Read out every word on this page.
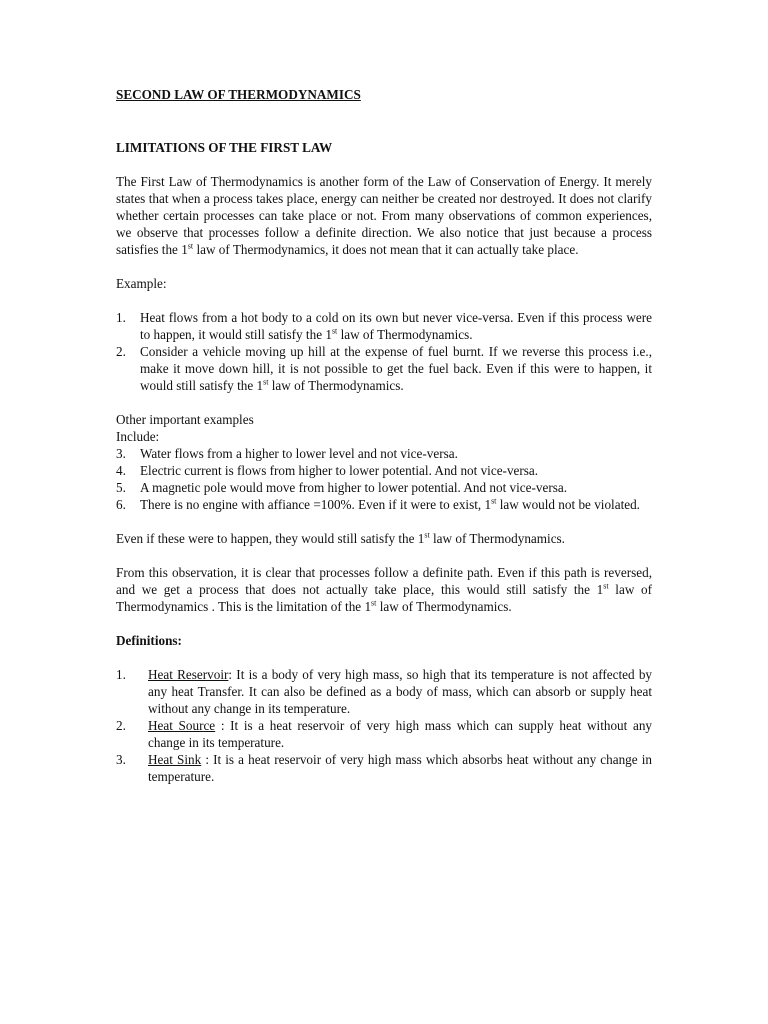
SECOND LAW OF THERMODYNAMICS

LIMITATIONS OF THE FIRST LAW

The First Law of Thermodynamics is another form of the Law of Conservation of Energy. It merely states that when a process takes place, energy can neither be created nor destroyed. It does not clarify whether certain processes can take place or not. From many observations of common experiences, we observe that processes follow a definite direction. We also notice that just because a process satisfies the 1st law of Thermodynamics, it does not mean that it can actually take place.

Example:

1. Heat flows from a hot body to a cold on its own but never vice-versa. Even if this process were to happen, it would still satisfy the 1st law of Thermodynamics.
2. Consider a vehicle moving up hill at the expense of fuel burnt. If we reverse this process i.e., make it move down hill, it is not possible to get the fuel back. Even if this were to happen, it would still satisfy the 1st law of Thermodynamics.

Other important examples

Include:

3. Water flows from a higher to lower level and not vice-versa.
4. Electric current is flows from higher to lower potential. And not vice-versa.
5. A magnetic pole would move from higher to lower potential. And not vice-versa.
6. There is no engine with affiance =100%. Even if it were to exist, 1st law would not be violated.

Even if these were to happen, they would still satisfy the 1st law of Thermodynamics.

From this observation, it is clear that processes follow a definite path. Even if this path is reversed, and we get a process that does not actually take place, this would still satisfy the 1st law of Thermodynamics . This is the limitation of the 1st law of Thermodynamics.

Definitions:

1. Heat Reservoir: It is a body of very high mass, so high that its temperature is not affected by any heat Transfer. It can also be defined as a body of mass, which can absorb or supply heat without any change in its temperature.
2. Heat Source : It is a heat reservoir of very high mass which can supply heat without any change in its temperature.
3. Heat Sink : It is a heat reservoir of very high mass which absorbs heat without any change in temperature.
